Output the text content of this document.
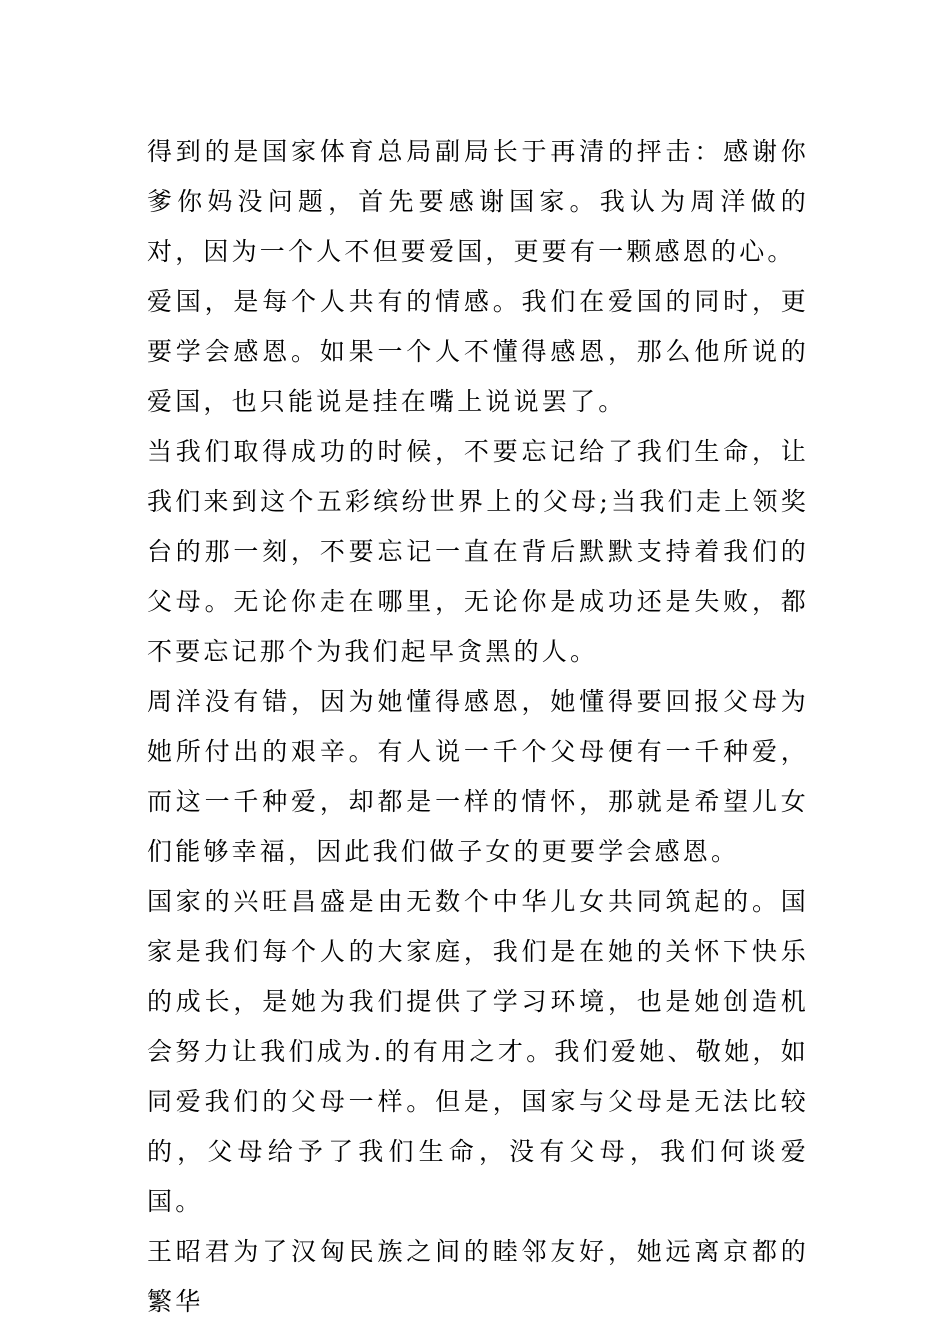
得到的是国家体育总局副局长于再清的抨击：感谢你爹你妈没问题，首先要感谢国家。我认为周洋做的对，因为一个人不但要爱国，更要有一颗感恩的心。

爱国，是每个人共有的情感。我们在爱国的同时，更要学会感恩。如果一个人不懂得感恩，那么他所说的爱国，也只能说是挂在嘴上说说罢了。

当我们取得成功的时候，不要忘记给了我们生命，让我们来到这个五彩缤纷世界上的父母;当我们走上领奖台的那一刻，不要忘记一直在背后默默支持着我们的父母。无论你走在哪里，无论你是成功还是失败，都不要忘记那个为我们起早贪黑的人。

周洋没有错，因为她懂得感恩，她懂得要回报父母为她所付出的艰辛。有人说一千个父母便有一千种爱，而这一千种爱，却都是一样的情怀，那就是希望儿女们能够幸福，因此我们做子女的更要学会感恩。

国家的兴旺昌盛是由无数个中华儿女共同筑起的。国家是我们每个人的大家庭，我们是在她的关怀下快乐的成长，是她为我们提供了学习环境，也是她创造机会努力让我们成为.的有用之才。我们爱她、敬她，如同爱我们的父母一样。但是，国家与父母是无法比较的，父母给予了我们生命，没有父母，我们何谈爱国。

王昭君为了汉匈民族之间的睦邻友好，她远离京都的繁华
